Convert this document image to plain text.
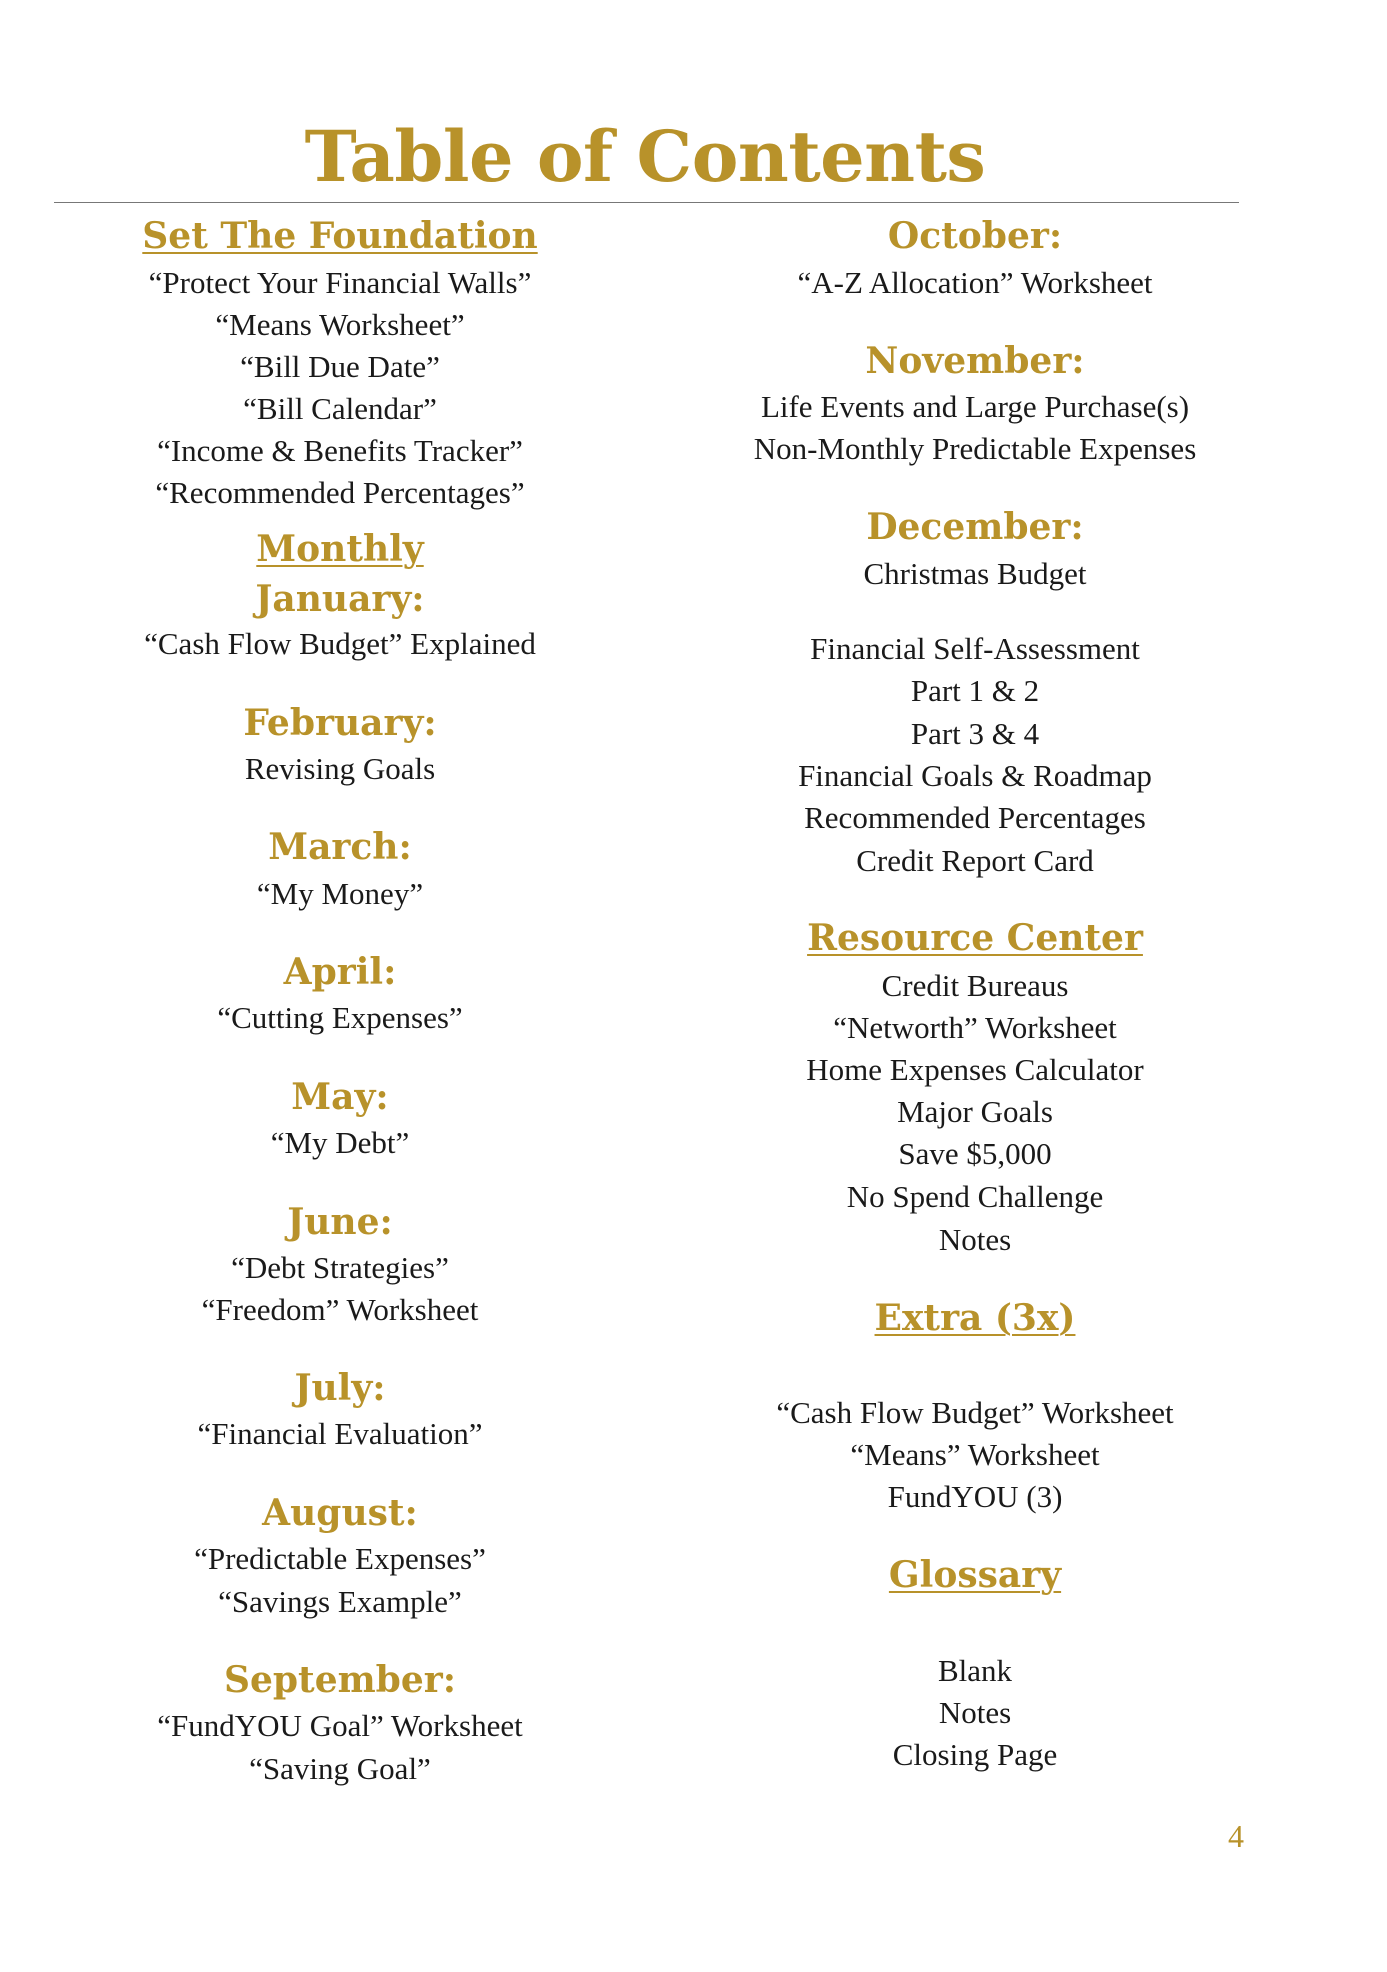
Table of Contents
Set The Foundation
“Protect Your Financial Walls”
“Means Worksheet”
“Bill Due Date”
“Bill Calendar”
“Income & Benefits Tracker”
“Recommended Percentages”
Monthly
January:
“Cash Flow Budget” Explained
February:
Revising Goals
March:
“My Money”
April:
“Cutting Expenses”
May:
“My Debt”
June:
“Debt Strategies”
“Freedom” Worksheet
July:
“Financial Evaluation”
August:
“Predictable Expenses”
“Savings Example”
September:
“FundYOU Goal” Worksheet
“Saving Goal”
October:
“A-Z Allocation” Worksheet
November:
Life Events and Large Purchase(s)
Non-Monthly Predictable Expenses
December:
Christmas Budget
Financial Self-Assessment
Part 1 & 2
Part 3 & 4
Financial Goals & Roadmap
Recommended Percentages
Credit Report Card
Resource Center
Credit Bureaus
“Networth” Worksheet
Home Expenses Calculator
Major Goals
Save $5,000
No Spend Challenge
Notes
Extra (3x)
“Cash Flow Budget” Worksheet
“Means” Worksheet
FundYOU (3)
Glossary
Blank
Notes
Closing Page
4
